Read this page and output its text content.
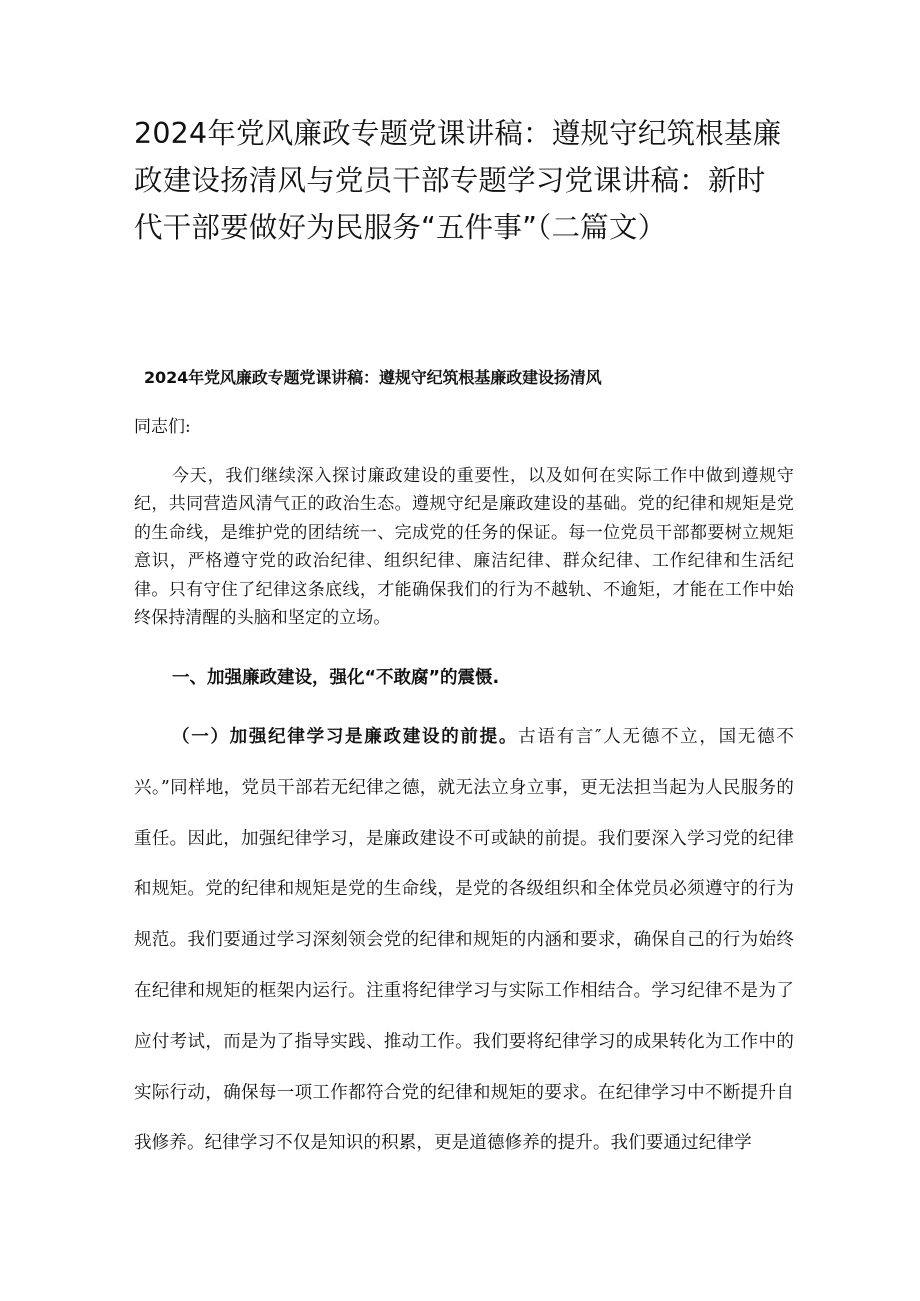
2024年党风廉政专题党课讲稿：遵规守纪筑根基廉政建设扬清风与党员干部专题学习党课讲稿：新时代干部要做好为民服务“五件事”（二篇文）
2024年党风廉政专题党课讲稿：遵规守纪筑根基廉政建设扬清风

同志们:

今天，我们继续深入探讨廉政建设的重要性，以及如何在实际工作中做到遵规守纪，共同营造风清气正的政治生态。遵规守纪是廉政建设的基础。党的纪律和规矩是党的生命线，是维护党的团结统一、完成党的任务的保证。每一位党员干部都要树立规矩意识，严格遵守党的政治纪律、组织纪律、廉洁纪律、群众纪律、工作纪律和生活纪律。只有守住了纪律这条底线，才能确保我们的行为不越轨、不逾矩，才能在工作中始终保持清醒的头脑和坚定的立场。

一、加强廉政建设，强化“不敢腐”的震慑.

（一）加强纪律学习是廉政建设的前提。古语有言″人无德不立，国无德不兴。”同样地，党员干部若无纪律之德，就无法立身立事，更无法担当起为人民服务的重任。因此，加强纪律学习，是廉政建设不可或缺的前提。我们要深入学习党的纪律和规矩。党的纪律和规矩是党的生命线，是党的各级组织和全体党员必须遵守的行为规范。我们要通过学习深刻领会党的纪律和规矩的内涵和要求，确保自己的行为始终在纪律和规矩的框架内运行。注重将纪律学习与实际工作相结合。学习纪律不是为了应付考试，而是为了指导实践、推动工作。我们要将纪律学习的成果转化为工作中的实际行动，确保每一项工作都符合党的纪律和规矩的要求。在纪律学习中不断提升自我修养。纪律学习不仅是知识的积累，更是道德修养的提升。我们要通过纪律学
